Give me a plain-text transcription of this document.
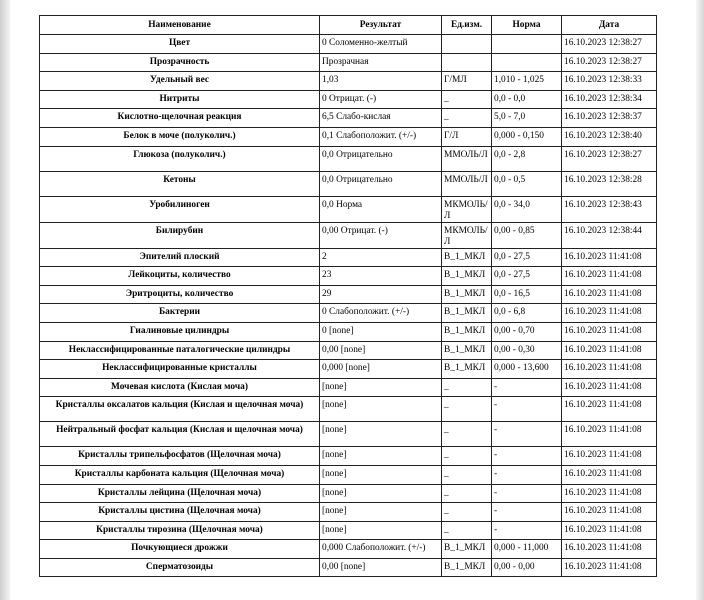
Наименование	Результат	Ед.изм.	Норма	Дата
Цвет	0 Соломенно-желтый			16.10.2023 12:38:27
Прозрачность	Прозрачная			16.10.2023 12:38:27
Удельный вес	1,03	Г/МЛ	1,010 - 1,025	16.10.2023 12:38:33
Нитриты	0 Отрицат. (-)	_	0,0 - 0,0	16.10.2023 12:38:34
Кислотно-щелочная реакция	6,5 Слабо-кислая	_	5,0 - 7,0	16.10.2023 12:38:37
Белок в моче (полуколич.)	0,1 Слабоположит. (+/-)	Г/Л	0,000 - 0,150	16.10.2023 12:38:40
Глюкоза (полуколич.)	0,0 Отрицательно	ММОЛЬ/Л	0,0 - 2,8	16.10.2023 12:38:27
Кетоны	0,0 Отрицательно	ММОЛЬ/Л	0,0 - 0,5	16.10.2023 12:38:28
Уробилиноген	0,0 Норма	МКМОЛЬ/Л	0,0 - 34,0	16.10.2023 12:38:43
Билирубин	0,00 Отрицат. (-)	МКМОЛЬ/Л	0,00 - 0,85	16.10.2023 12:38:44
Эпителий плоский	2	В_1_МКЛ	0,0 - 27,5	16.10.2023 11:41:08
Лейкоциты, количество	23	В_1_МКЛ	0,0 - 27,5	16.10.2023 11:41:08
Эритроциты, количество	29	В_1_МКЛ	0,0 - 16,5	16.10.2023 11:41:08
Бактерии	0 Слабоположит. (+/-)	В_1_МКЛ	0,0 - 6,8	16.10.2023 11:41:08
Гиалиновые цилиндры	0 [none]	В_1_МКЛ	0,00 - 0,70	16.10.2023 11:41:08
Неклассифицированные паталогические цилиндры	0,00 [none]	В_1_МКЛ	0,00 - 0,30	16.10.2023 11:41:08
Неклассифицированные кристаллы	0,000 [none]	В_1_МКЛ	0,000 - 13,600	16.10.2023 11:41:08
Мочевая кислота (Кислая моча)	[none]	_	-	16.10.2023 11:41:08
Кристаллы оксалатов кальция (Кислая и щелочная моча)	[none]	_	-	16.10.2023 11:41:08
Нейтральный фосфат кальция (Кислая и щелочная моча)	[none]	_	-	16.10.2023 11:41:08
Кристаллы трипельфосфатов (Щелочная моча)	[none]	_	-	16.10.2023 11:41:08
Кристаллы карбоната кальция (Щелочная моча)	[none]	_	-	16.10.2023 11:41:08
Кристаллы лейцина (Щелочная моча)	[none]	_	-	16.10.2023 11:41:08
Кристаллы цистина (Щелочная моча)	[none]	_	-	16.10.2023 11:41:08
Кристаллы тирозина (Щелочная моча)	[none]	_	-	16.10.2023 11:41:08
Почкующиеся дрожжи	0,000 Слабоположит. (+/-)	В_1_МКЛ	0,000 - 11,000	16.10.2023 11:41:08
Сперматозоиды	0,00 [none]	В_1_МКЛ	0,00 - 0,00	16.10.2023 11:41:08
